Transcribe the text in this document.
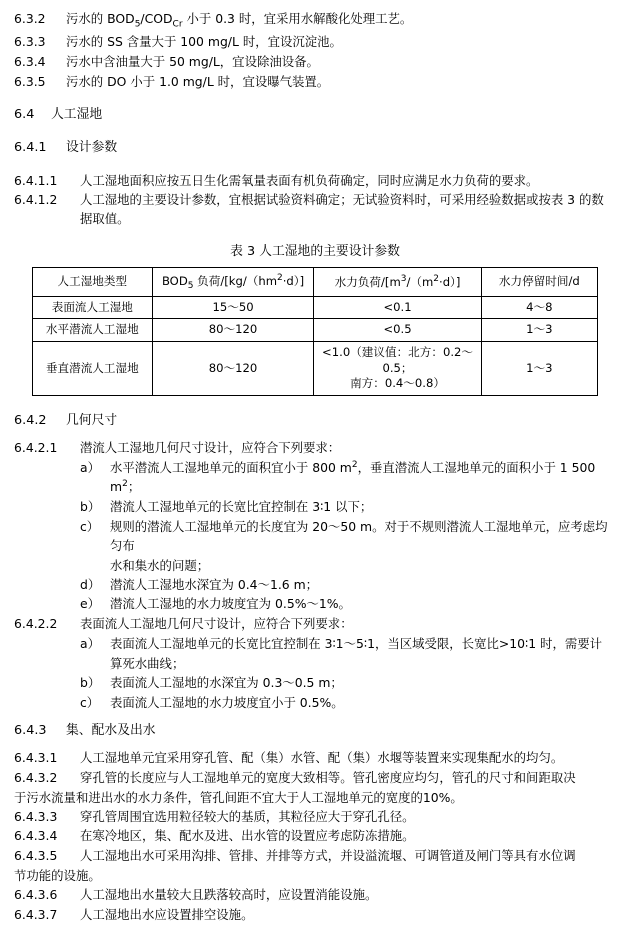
6.3.2	污水的 $BOD_5/COD_{Cr}$ 小于 0.3 时，宜采用水解酸化处理工艺。
6.3.3	污水的 SS 含量大于 100 mg/L 时，宜设沉淀池。
6.3.4	污水中含油量大于 50 mg/L，宜设除油设备。
6.3.5	污水的 DO 小于 1.0 mg/L 时，宜设曝气装置。
6.4	人工湿地
6.4.1	设计参数
6.4.1.1	人工湿地面积应按五日生化需氧量表面有机负荷确定，同时应满足水力负荷的要求。
6.4.1.2	人工湿地的主要设计参数，宜根据试验资料确定；无试验资料时，可采用经验数据或按表 3 的数据取值。
表 3 人工湿地的主要设计参数
人工湿地类型	$BOD_5$ 负荷$/[kg/(hm^2\cdot d)]$	水力负荷$/[m^3/(m^2\cdot d)]$	水力停留时间/d
表面流人工湿地	15～50	<0.1	4～8
水平潜流人工湿地	80～120	<0.5	1～3
垂直潜流人工湿地	80～120	<1.0（建议值：北方：0.2～0.5；
南方：0.4～0.8）	1～3
6.4.2	几何尺寸
6.4.2.1	潜流人工湿地几何尺寸设计，应符合下列要求：
a） 水平潜流人工湿地单元的面积宜小于 800 $m^2$，垂直潜流人工湿地单元的面积小于 1 500 $m^2$；
b） 潜流人工湿地单元的长宽比宜控制在 3∶1 以下；
c） 规则的潜流人工湿地单元的长度宜为 20～50 m。对于不规则潜流人工湿地单元，应考虑均匀布
水和集水的问题；
d） 潜流人工湿地水深宜为 0.4～1.6 m；
e） 潜流人工湿地的水力坡度宜为 0.5%～1%。
6.4.2.2	表面流人工湿地几何尺寸设计，应符合下列要求：
a） 表面流人工湿地单元的长宽比宜控制在 3∶1～5∶1，当区域受限，长宽比>10∶1 时，需要计
算死水曲线；
b） 表面流人工湿地的水深宜为 0.3～0.5 m；
c） 表面流人工湿地的水力坡度宜小于 0.5%。
6.4.3	集、配水及出水
6.4.3.1	人工湿地单元宜采用穿孔管、配（集）水管、配（集）水堰等装置来实现集配水的均匀。
6.4.3.2	穿孔管的长度应与人工湿地单元的宽度大致相等。管孔密度应均匀，管孔的尺寸和间距取决
于污水流量和进出水的水力条件，管孔间距不宜大于人工湿地单元的宽度的10%。
6.4.3.3	穿孔管周围宜选用粒径较大的基质，其粒径应大于穿孔孔径。
6.4.3.4	在寒冷地区，集、配水及进、出水管的设置应考虑防冻措施。
6.4.3.5	人工湿地出水可采用沟排、管排、并排等方式，并设溢流堰、可调管道及闸门等具有水位调
节功能的设施。
6.4.3.6	人工湿地出水量较大且跌落较高时，应设置消能设施。
6.4.3.7	人工湿地出水应设置排空设施。
